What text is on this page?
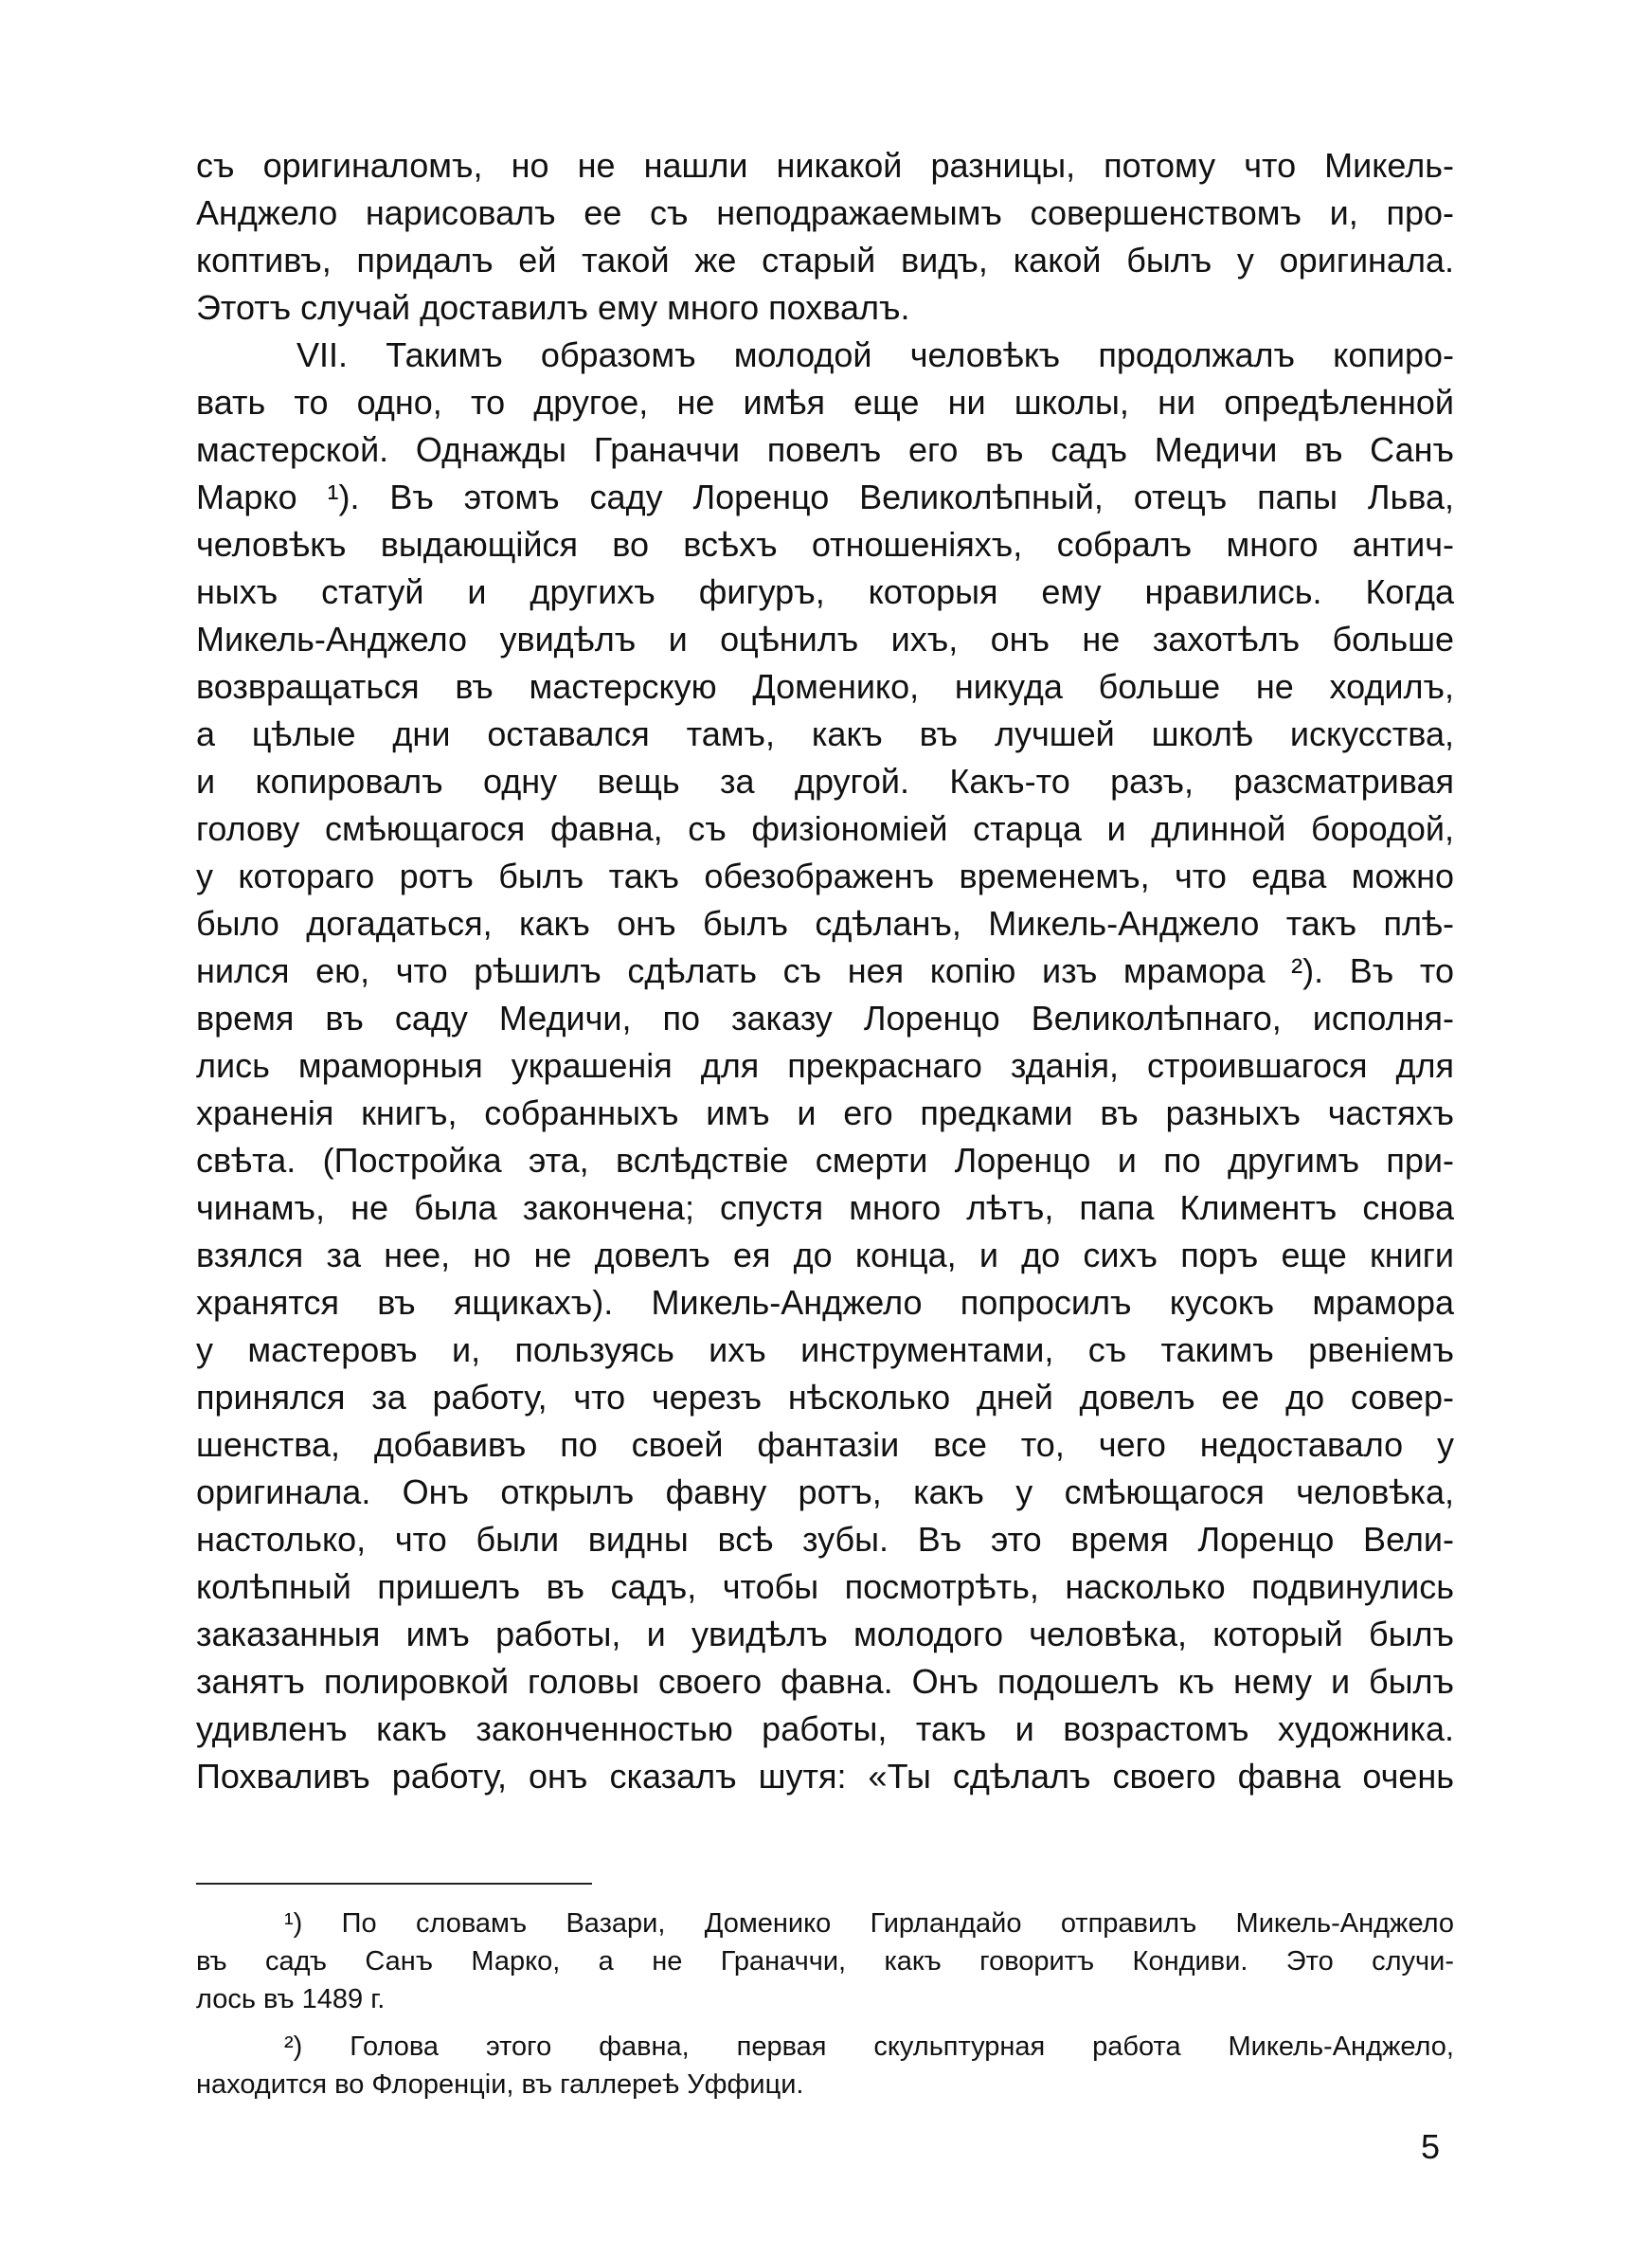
съ оригиналомъ, но не нашли никакой разницы, потому что Микель-
Анджело нарисовалъ ее съ неподражаемымъ совершенствомъ и, про-
коптивъ, придалъ ей такой же старый видъ, какой былъ у оригинала.
Этотъ случай доставилъ ему много похвалъ.
VII. Такимъ образомъ молодой человѣкъ продолжалъ копиро-
вать то одно, то другое, не имѣя еще ни школы, ни опредѣленной
мастерской. Однажды Граначчи повелъ его въ садъ Медичи въ Санъ
Марко ¹). Въ этомъ саду Лоренцо Великолѣпный, отецъ папы Льва,
человѣкъ выдающійся во всѣхъ отношеніяхъ, собралъ много антич-
ныхъ статуй и другихъ фигуръ, которыя ему нравились. Когда
Микель-Анджело увидѣлъ и оцѣнилъ ихъ, онъ не захотѣлъ больше
возвращаться въ мастерскую Доменико, никуда больше не ходилъ,
а цѣлые дни оставался тамъ, какъ въ лучшей школѣ искусства,
и копировалъ одну вещь за другой. Какъ-то разъ, разсматривая
голову смѣющагося фавна, съ физіономіей старца и длинной бородой,
у котораго ротъ былъ такъ обезображенъ временемъ, что едва можно
было догадаться, какъ онъ былъ сдѣланъ, Микель-Анджело такъ плѣ-
нился ею, что рѣшилъ сдѣлать съ нея копію изъ мрамора ²). Въ то
время въ саду Медичи, по заказу Лоренцо Великолѣпнаго, исполня-
лись мраморныя украшенія для прекраснаго зданія, строившагося для
храненія книгъ, собранныхъ имъ и его предками въ разныхъ частяхъ
свѣта. (Постройка эта, вслѣдствіе смерти Лоренцо и по другимъ при-
чинамъ, не была закончена; спустя много лѣтъ, папа Климентъ снова
взялся за нее, но не довелъ ея до конца, и до сихъ поръ еще книги
хранятся въ ящикахъ). Микель-Анджело попросилъ кусокъ мрамора
у мастеровъ и, пользуясь ихъ инструментами, съ такимъ рвеніемъ
принялся за работу, что черезъ нѣсколько дней довелъ ее до совер-
шенства, добавивъ по своей фантазіи все то, чего недоставало у
оригинала. Онъ открылъ фавну ротъ, какъ у смѣющагося человѣка,
настолько, что были видны всѣ зубы. Въ это время Лоренцо Вели-
колѣпный пришелъ въ садъ, чтобы посмотрѣть, насколько подвинулись
заказанныя имъ работы, и увидѣлъ молодого человѣка, который былъ
занятъ полировкой головы своего фавна. Онъ подошелъ къ нему и былъ
удивленъ какъ законченностью работы, такъ и возрастомъ художника.
Похваливъ работу, онъ сказалъ шутя: «Ты сдѣлалъ своего фавна очень
¹) По словамъ Вазари, Доменико Гирландайо отправилъ Микель-Анджело
въ садъ Санъ Марко, а не Граначчи, какъ говоритъ Кондиви. Это случи-
лось въ 1489 г.
²) Голова этого фавна, первая скульптурная работа Микель-Анджело,
находится во Флоренціи, въ галлереѣ Уффици.
5
